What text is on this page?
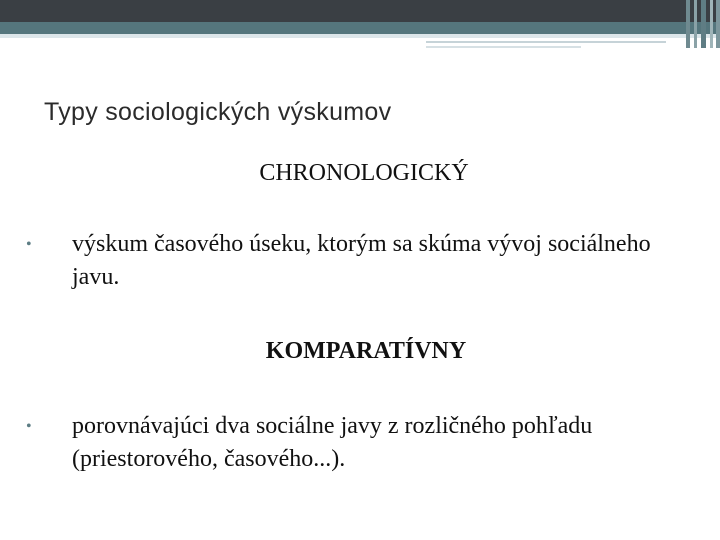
Typy sociologických výskumov
CHRONOLOGICKÝ
• výskum časového úseku, ktorým sa skúma vývoj sociálneho javu.
KOMPARATÍVNY
• porovnávajúci dva sociálne javy z rozličného pohľadu (priestorového, časového...).
